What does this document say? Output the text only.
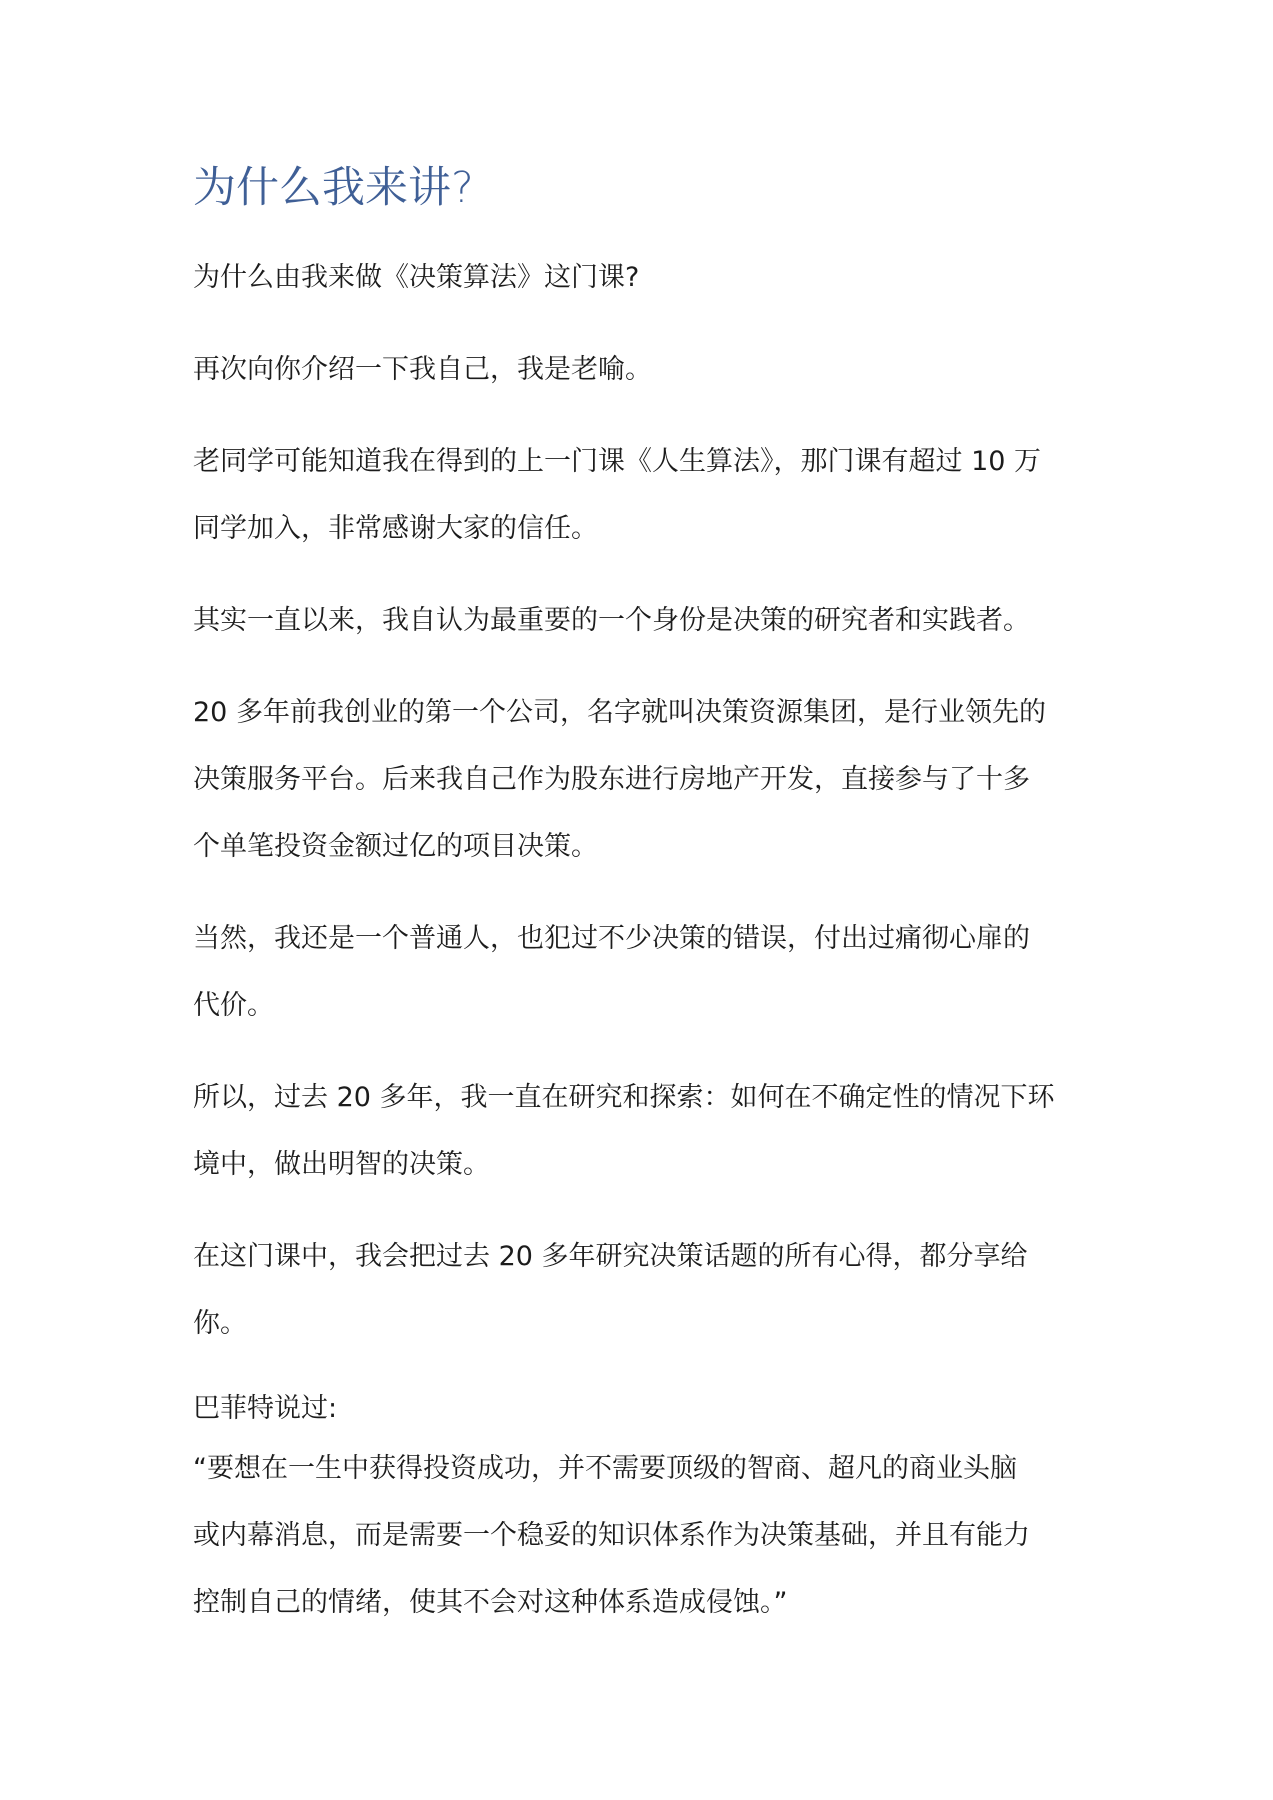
为什么我来讲?

为什么由我来做《决策算法》这门课?

再次向你介绍一下我自己，我是老喻。

老同学可能知道我在得到的上一门课《人生算法》，那门课有超过 10 万
同学加入，非常感谢大家的信任。

其实一直以来，我自认为最重要的一个身份是决策的研究者和实践者。

20 多年前我创业的第一个公司，名字就叫决策资源集团，是行业领先的
决策服务平台。后来我自己作为股东进行房地产开发，直接参与了十多
个单笔投资金额过亿的项目决策。

当然，我还是一个普通人，也犯过不少决策的错误，付出过痛彻心扉的
代价。

所以，过去 20 多年，我一直在研究和探索：如何在不确定性的情况下环
境中，做出明智的决策。

在这门课中，我会把过去 20 多年研究决策话题的所有心得，都分享给
你。

巴菲特说过:

“要想在一生中获得投资成功，并不需要顶级的智商、超凡的商业头脑
或内幕消息，而是需要一个稳妥的知识体系作为决策基础，并且有能力
控制自己的情绪，使其不会对这种体系造成侵蚀。”
